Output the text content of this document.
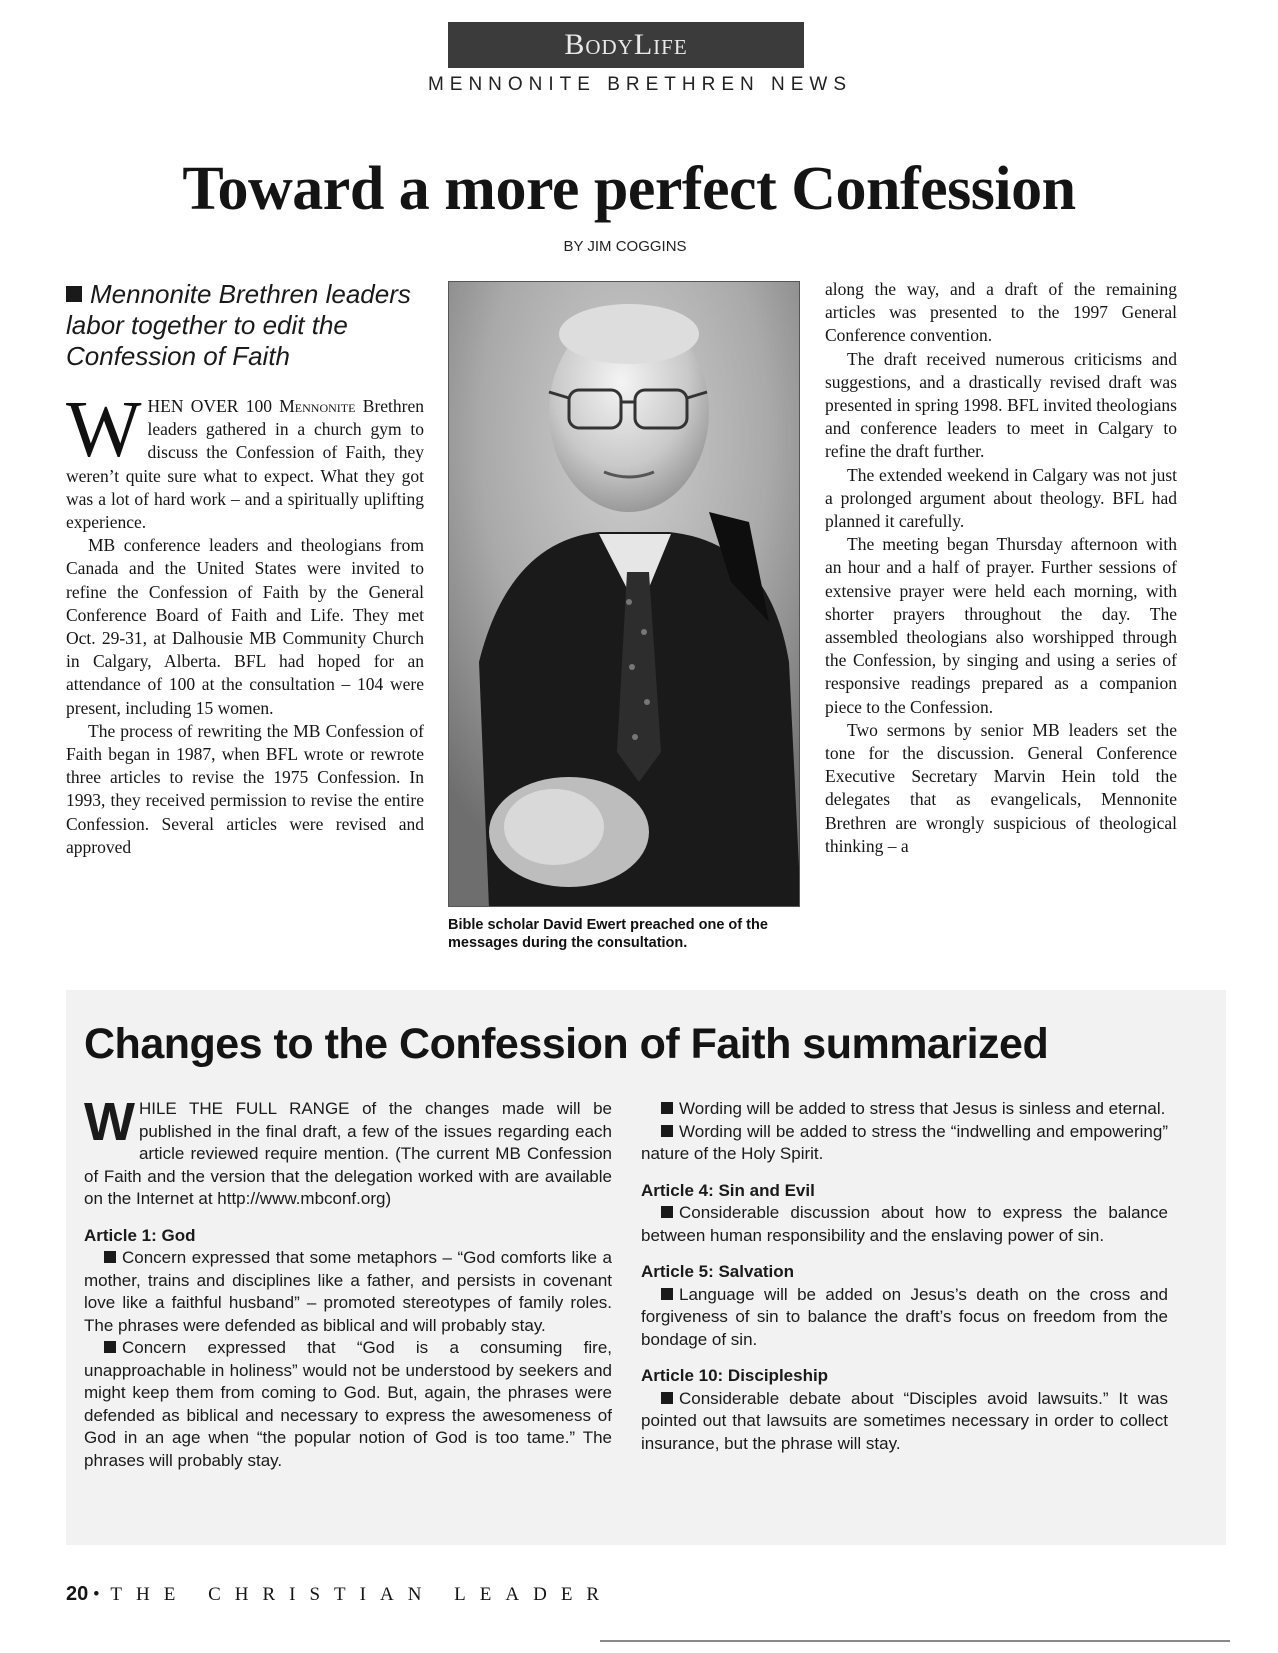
BodyLife
MENNONITE BRETHREN NEWS
Toward a more perfect Confession
BY JIM COGGINS
Mennonite Brethren leaders labor together to edit the Confession of Faith

WHEN OVER 100 Mennonite Brethren leaders gathered in a church gym to discuss the Confession of Faith, they weren’t quite sure what to expect. What they got was a lot of hard work – and a spiritually uplifting experience.

MB conference leaders and theologians from Canada and the United States were invited to refine the Confession of Faith by the General Conference Board of Faith and Life. They met Oct. 29-31, at Dalhousie MB Community Church in Calgary, Alberta. BFL had hoped for an attendance of 100 at the consultation – 104 were present, including 15 women.

The process of rewriting the MB Confession of Faith began in 1987, when BFL wrote or rewrote three articles to revise the 1975 Confession. In 1993, they received permission to revise the entire Confession. Several articles were revised and approved

Bible scholar David Ewert preached one of the messages during the consultation.

along the way, and a draft of the remaining articles was presented to the 1997 General Conference convention.

The draft received numerous criticisms and suggestions, and a drastically revised draft was presented in spring 1998. BFL invited theologians and conference leaders to meet in Calgary to refine the draft further.

The extended weekend in Calgary was not just a prolonged argument about theology. BFL had planned it carefully.

The meeting began Thursday afternoon with an hour and a half of prayer. Further sessions of extensive prayer were held each morning, with shorter prayers throughout the day. The assembled theologians also worshipped through the Confession, by singing and using a series of responsive readings prepared as a companion piece to the Confession.

Two sermons by senior MB leaders set the tone for the discussion. General Conference Executive Secretary Marvin Hein told the delegates that as evangelicals, Mennonite Brethren are wrongly suspicious of theological thinking – a

Changes to the Confession of Faith summarized

WHILE THE FULL RANGE of the changes made will be published in the final draft, a few of the issues regarding each article reviewed require mention. (The current MB Confession of Faith and the version that the delegation worked with are available on the Internet at http://www.mbconf.org)

Article 1: God

Concern expressed that some metaphors – “God comforts like a mother, trains and disciplines like a father, and persists in covenant love like a faithful husband” – promoted stereotypes of family roles. The phrases were defended as biblical and will probably stay.

Concern expressed that “God is a consuming fire, unapproachable in holiness” would not be understood by seekers and might keep them from coming to God. But, again, the phrases were defended as biblical and necessary to express the awesomeness of God in an age when “the popular notion of God is too tame.” The phrases will probably stay.

Wording will be added to stress that Jesus is sinless and eternal.

Wording will be added to stress the “indwelling and empowering” nature of the Holy Spirit.

Article 4: Sin and Evil

Considerable discussion about how to express the balance between human responsibility and the enslaving power of sin.

Article 5: Salvation

Language will be added on Jesus’s death on the cross and forgiveness of sin to balance the draft’s focus on freedom from the bondage of sin.

Article 10: Discipleship

Considerable debate about “Disciples avoid lawsuits.” It was pointed out that lawsuits are sometimes necessary in order to collect insurance, but the phrase will stay.

20 • THE CHRISTIAN LEADER
